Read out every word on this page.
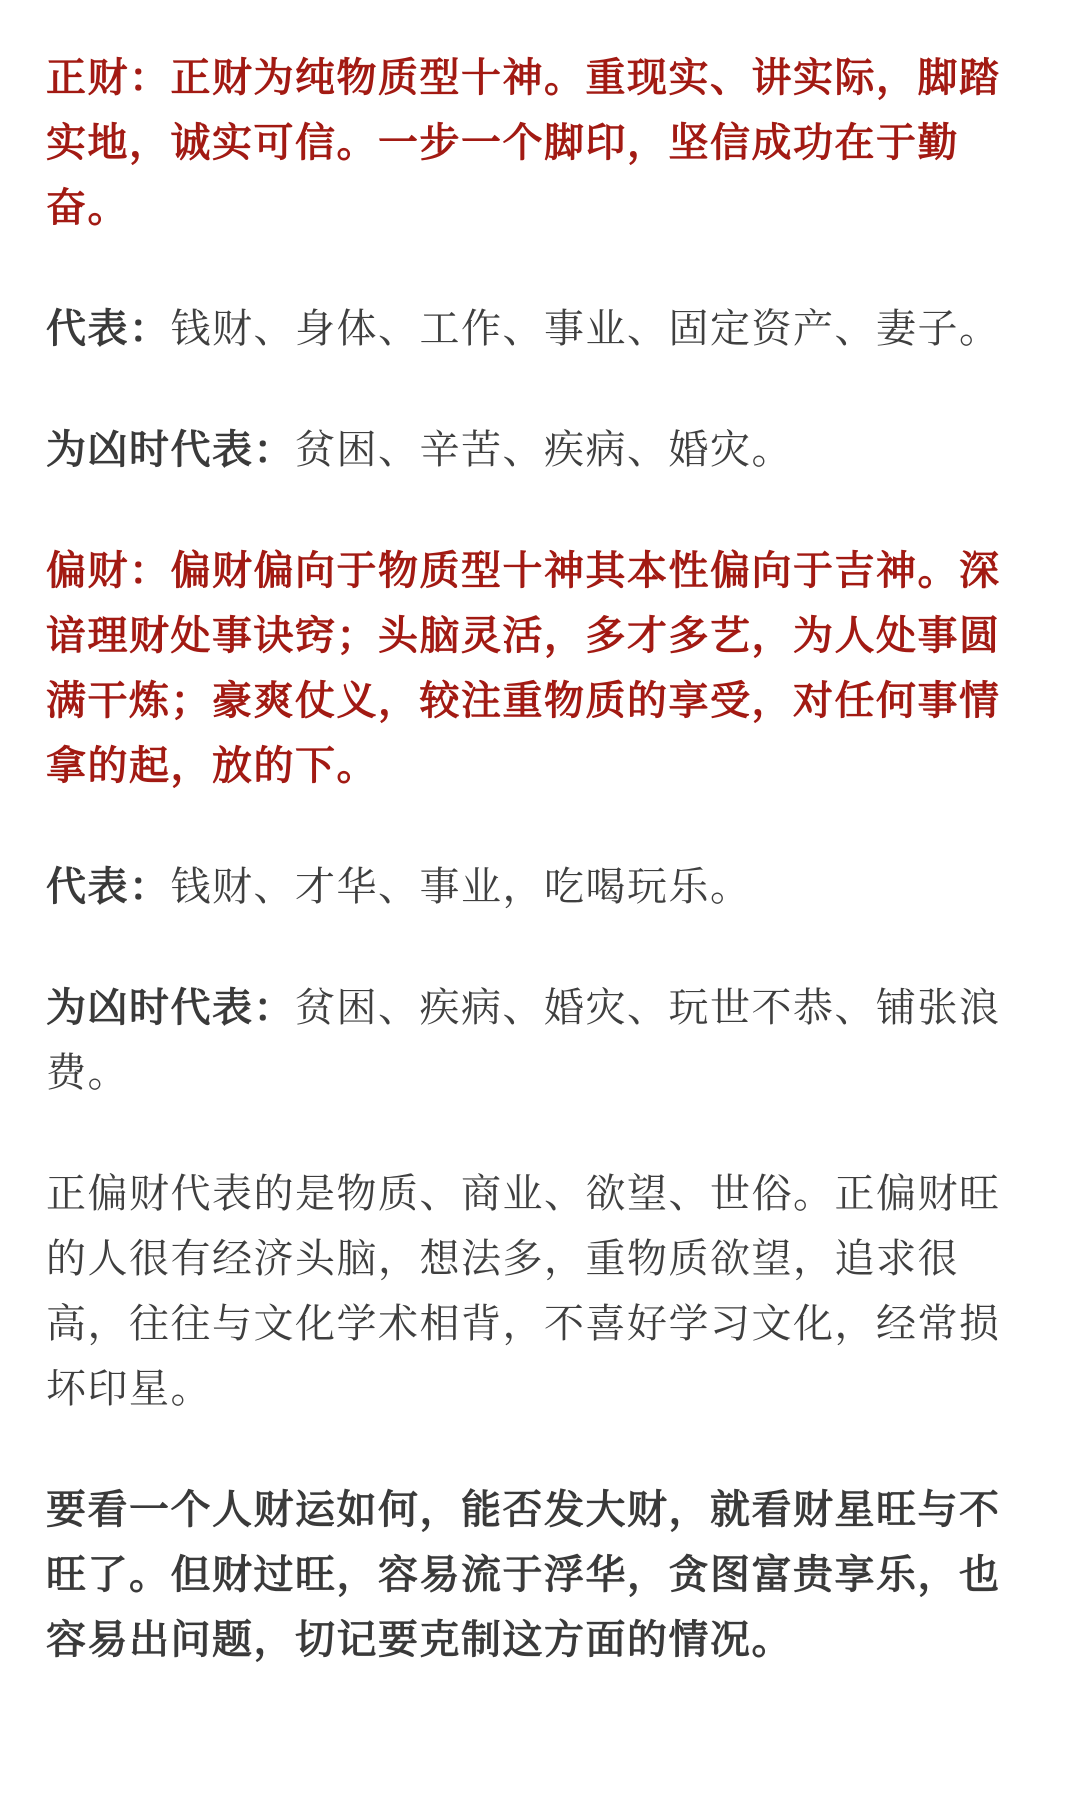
正财：正财为纯物质型十神。重现实、讲实际，脚踏实地，诚实可信。一步一个脚印，坚信成功在于勤奋。

代表：钱财、身体、工作、事业、固定资产、妻子。

为凶时代表：贫困、辛苦、疾病、婚灾。

偏财：偏财偏向于物质型十神其本性偏向于吉神。深谙理财处事诀窍；头脑灵活，多才多艺，为人处事圆满干炼；豪爽仗义，较注重物质的享受，对任何事情拿的起，放的下。

代表：钱财、才华、事业，吃喝玩乐。

为凶时代表：贫困、疾病、婚灾、玩世不恭、铺张浪费。

正偏财代表的是物质、商业、欲望、世俗。正偏财旺的人很有经济头脑，想法多，重物质欲望，追求很高，往往与文化学术相背，不喜好学习文化，经常损坏印星。

要看一个人财运如何，能否发大财，就看财星旺与不旺了。但财过旺，容易流于浮华，贪图富贵享乐，也容易出问题，切记要克制这方面的情况。
